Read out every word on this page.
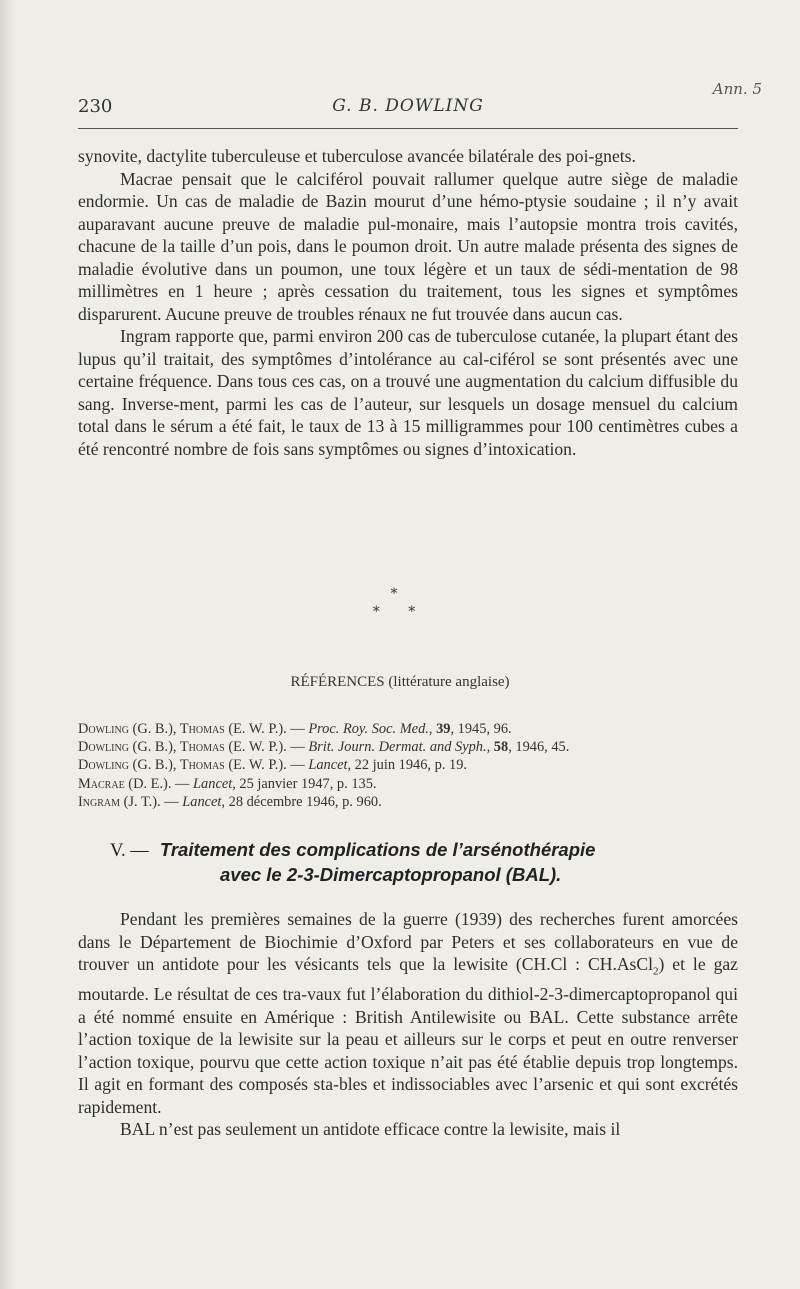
Ann. 5
230	G. B. DOWLING

synovite, dactylite tuberculeuse et tuberculose avancée bilatérale des poi-gnets.

Macrae pensait que le calciférol pouvait rallumer quelque autre siège de maladie endormie. Un cas de maladie de Bazin mourut d’une hémo-ptysie soudaine ; il n’y avait auparavant aucune preuve de maladie pul-monaire, mais l’autopsie montra trois cavités, chacune de la taille d’un pois, dans le poumon droit. Un autre malade présenta des signes de maladie évolutive dans un poumon, une toux légère et un taux de sédi-mentation de 98 millimètres en 1 heure ; après cessation du traitement, tous les signes et symptômes disparurent. Aucune preuve de troubles rénaux ne fut trouvée dans aucun cas.

Ingram rapporte que, parmi environ 200 cas de tuberculose cutanée, la plupart étant des lupus qu’il traitait, des symptômes d’intolérance au cal-ciférol se sont présentés avec une certaine fréquence. Dans tous ces cas, on a trouvé une augmentation du calcium diffusible du sang. Inverse-ment, parmi les cas de l’auteur, sur lesquels un dosage mensuel du calcium total dans le sérum a été fait, le taux de 13 à 15 milligrammes pour 100 centimètres cubes a été rencontré nombre de fois sans symptômes ou signes d’intoxication.

*
* *
RÉFÉRENCES (littérature anglaise)
Dowling (G. B.), Thomas (E. W. P.). — Proc. Roy. Soc. Med., 39, 1945, 96.
Dowling (G. B.), Thomas (E. W. P.). — Brit. Journ. Dermat. and Syph., 58, 1946, 45.
Dowling (G. B.), Thomas (E. W. P.). — Lancet, 22 juin 1946, p. 19.
Macrae (D. E.). — Lancet, 25 janvier 1947, p. 135.
Ingram (J. T.). — Lancet, 28 décembre 1946, p. 960.
V. — Traitement des complications de l’arsénothérapie
avec le 2-3-Dimercaptopropanol (BAL).

Pendant les premières semaines de la guerre (1939) des recherches furent amorcées dans le Département de Biochimie d’Oxford par Peters et ses collaborateurs en vue de trouver un antidote pour les vésicants tels que la lewisite (CH.Cl : CH.AsCl$_2$) et le gaz moutarde. Le résultat de ces tra-vaux fut l’élaboration du dithiol-2-3-dimercaptopropanol qui a été nommé ensuite en Amérique : British Antilewisite ou BAL. Cette substance arrête l’action toxique de la lewisite sur la peau et ailleurs sur le corps et peut en outre renverser l’action toxique, pourvu que cette action toxique n’ait pas été établie depuis trop longtemps. Il agit en formant des composés sta-bles et indissociables avec l’arsenic et qui sont excrétés rapidement.

BAL n’est pas seulement un antidote efficace contre la lewisite, mais il
